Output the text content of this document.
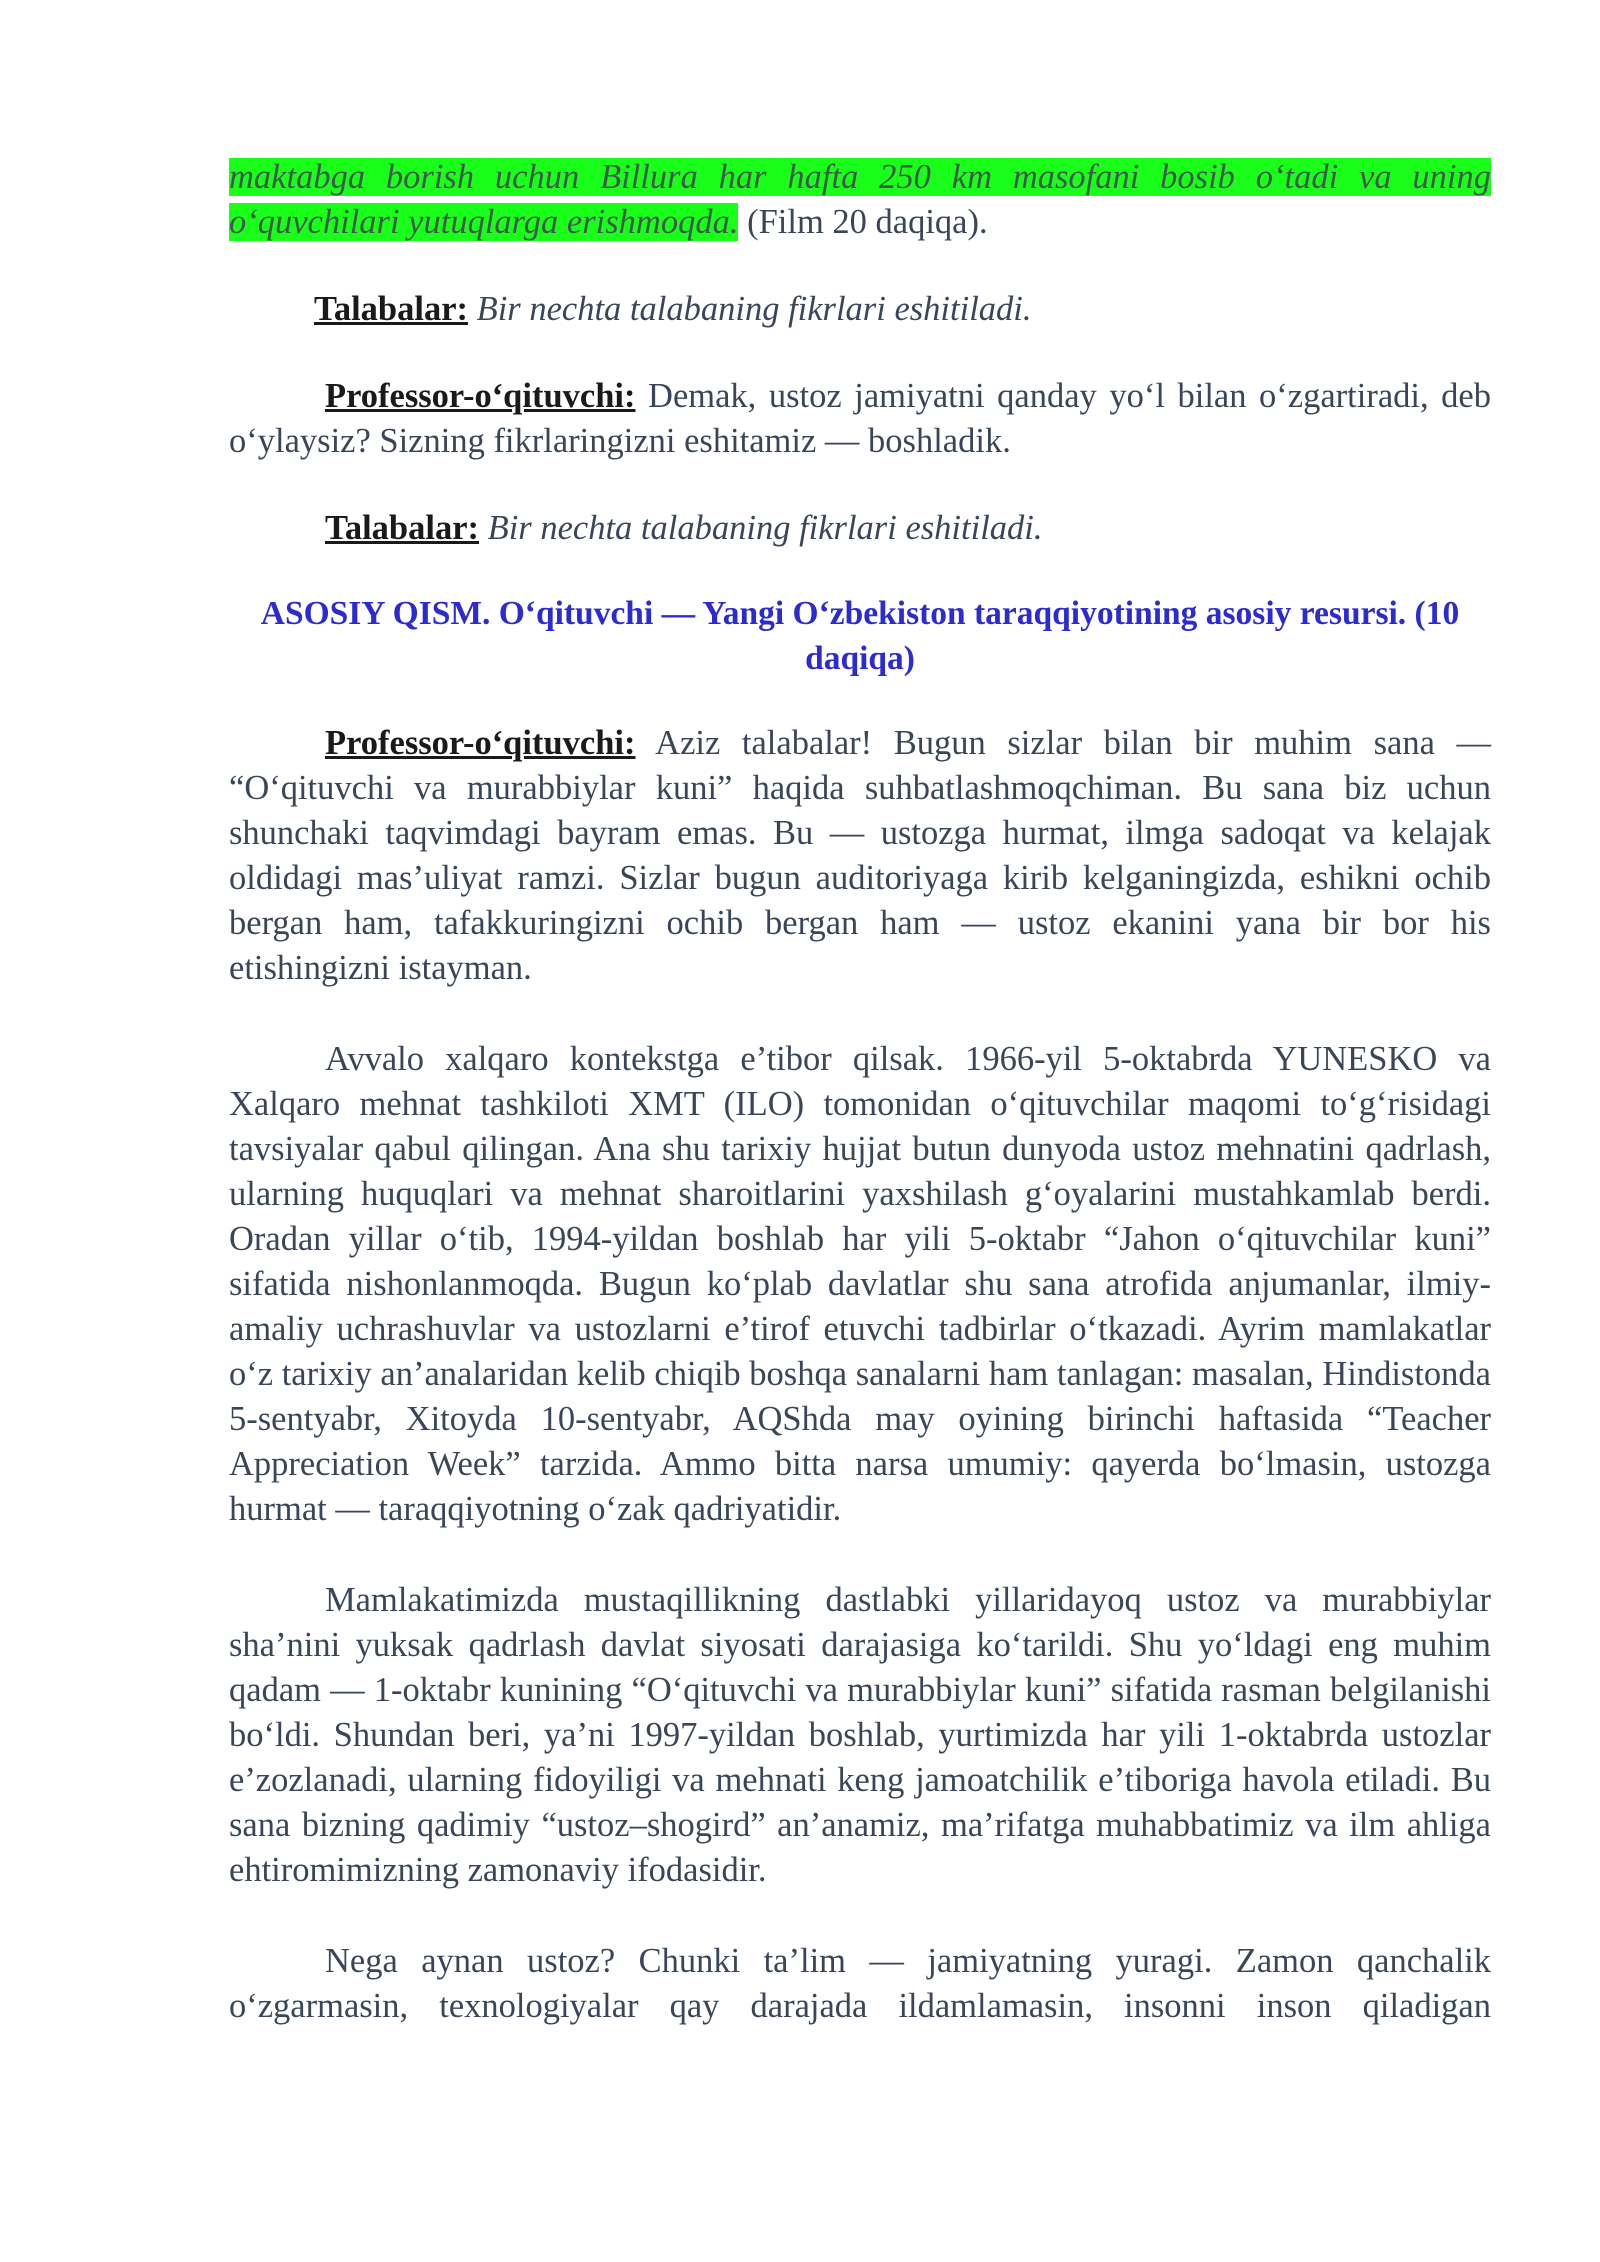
maktabga borish uchun Billura har hafta 250 km masofani bosib o‘tadi va uning o‘quvchilari yutuqlarga erishmoqda. (Film 20 daqiqa).

Talabalar: Bir nechta talabaning fikrlari eshitiladi.

Professor-o‘qituvchi: Demak, ustoz jamiyatni qanday yo‘l bilan o‘zgartiradi, deb o‘ylaysiz? Sizning fikrlaringizni eshitamiz — boshladik.

Talabalar: Bir nechta talabaning fikrlari eshitiladi.

ASOSIY QISM. O‘qituvchi — Yangi O‘zbekiston taraqqiyotining asosiy resursi. (10 daqiqa)

Professor-o‘qituvchi: Aziz talabalar! Bugun sizlar bilan bir muhim sana — “O‘qituvchi va murabbiylar kuni” haqida suhbatlashmoqchiman. Bu sana biz uchun shunchaki taqvimdagi bayram emas. Bu — ustozga hurmat, ilmga sadoqat va kelajak oldidagi mas’uliyat ramzi. Sizlar bugun auditoriyaga kirib kelganingizda, eshikni ochib bergan ham, tafakkuringizni ochib bergan ham — ustoz ekanini yana bir bor his etishingizni istayman.

Avvalo xalqaro kontekstga e’tibor qilsak. 1966-yil 5-oktabrda YUNESKO va Xalqaro mehnat tashkiloti XMT (ILO) tomonidan o‘qituvchilar maqomi to‘g‘risidagi tavsiyalar qabul qilingan. Ana shu tarixiy hujjat butun dunyoda ustoz mehnatini qadrlash, ularning huquqlari va mehnat sharoitlarini yaxshilash g‘oyalarini mustahkamlab berdi. Oradan yillar o‘tib, 1994-yildan boshlab har yili 5-oktabr “Jahon o‘qituvchilar kuni” sifatida nishonlanmoqda. Bugun ko‘plab davlatlar shu sana atrofida anjumanlar, ilmiy-amaliy uchrashuvlar va ustozlarni e’tirof etuvchi tadbirlar o‘tkazadi. Ayrim mamlakatlar o‘z tarixiy an’analaridan kelib chiqib boshqa sanalarni ham tanlagan: masalan, Hindistonda 5-sentyabr, Xitoyda 10-sentyabr, AQShda may oyining birinchi haftasida “Teacher Appreciation Week” tarzida. Ammo bitta narsa umumiy: qayerda bo‘lmasin, ustozga hurmat — taraqqiyotning o‘zak qadriyatidir.

Mamlakatimizda mustaqillikning dastlabki yillaridayoq ustoz va murabbiylar sha’nini yuksak qadrlash davlat siyosati darajasiga ko‘tarildi. Shu yo‘ldagi eng muhim qadam — 1-oktabr kunining “O‘qituvchi va murabbiylar kuni” sifatida rasman belgilanishi bo‘ldi. Shundan beri, ya’ni 1997-yildan boshlab, yurtimizda har yili 1-oktabrda ustozlar e’zozlanadi, ularning fidoyiligi va mehnati keng jamoatchilik e’tiboriga havola etiladi. Bu sana bizning qadimiy “ustoz–shogird” an’anamiz, ma’rifatga muhabbatimiz va ilm ahliga ehtiromimizning zamonaviy ifodasidir.

Nega aynan ustoz? Chunki ta’lim — jamiyatning yuragi. Zamon qanchalik o‘zgarmasin, texnologiyalar qay darajada ildamlamasin, insonni inson qiladigan
